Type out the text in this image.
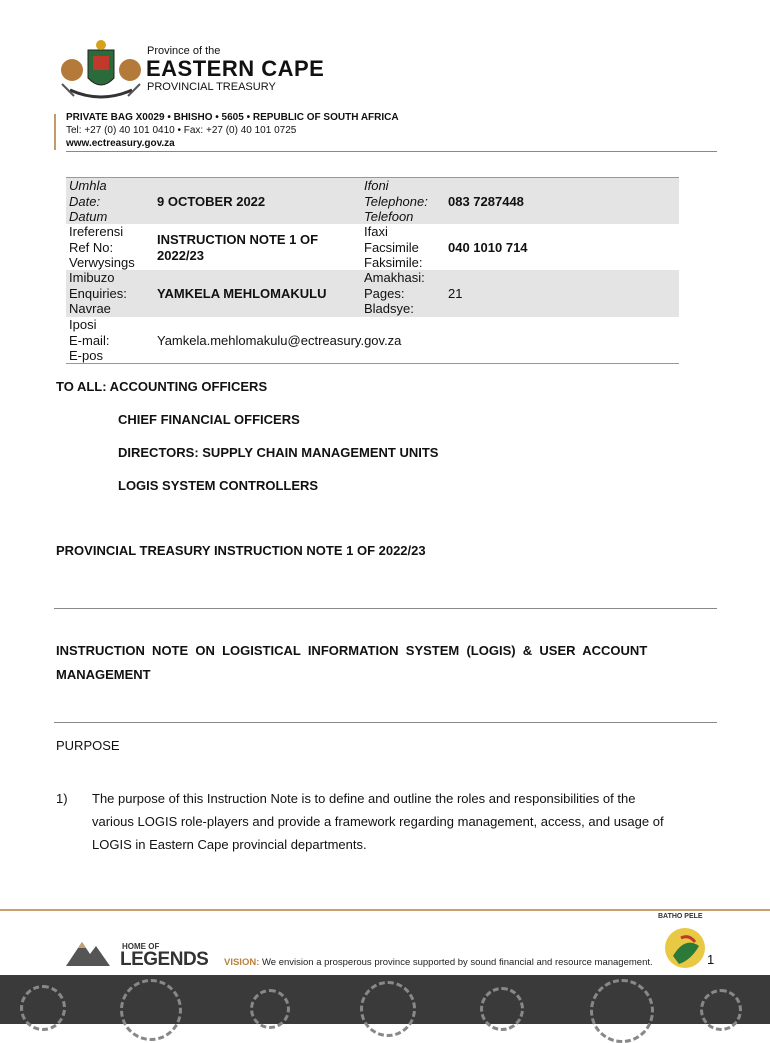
Province of the
EASTERN CAPE
PROVINCIAL TREASURY
PRIVATE BAG X0029 • BHISHO • 5605 • REPUBLIC OF SOUTH AFRICA
Tel: +27 (0) 40 101 0410 • Fax: +27 (0) 40 101 0725
www.ectreasury.gov.za
Umhla
Date:
Datum
9 OCTOBER 2022
Ifoni
Telephone:
Telefoon
083 7287448
Ireferensi
Ref No:
Verwysings
INSTRUCTION NOTE 1 OF
2022/23
Ifaxi
Facsimile
Faksimile:
040 1010 714
Imibuzo
Enquiries:
Navrae
YAMKELA MEHLOMAKULU
Amakhasi:
Pages:
Bladsye:
21
Iposi
E-mail:
E-pos
Yamkela.mehlomakulu@ectreasury.gov.za
TO ALL: ACCOUNTING OFFICERS
CHIEF FINANCIAL OFFICERS
DIRECTORS: SUPPLY CHAIN MANAGEMENT UNITS
LOGIS SYSTEM CONTROLLERS
PROVINCIAL TREASURY INSTRUCTION NOTE 1 OF 2022/23
INSTRUCTION  NOTE  ON  LOGISTICAL  INFORMATION  SYSTEM  (LOGIS)  &  USER  ACCOUNT
MANAGEMENT
PURPOSE
1) The purpose of this Instruction Note is to define and outline the roles and responsibilities of the
various LOGIS role-players and provide a framework regarding management, access, and usage of
LOGIS in Eastern Cape provincial departments.
HOME OF
LEGENDS VISION: We envision a prosperous province supported by sound financial and resource management.
BATHO PELE
1
